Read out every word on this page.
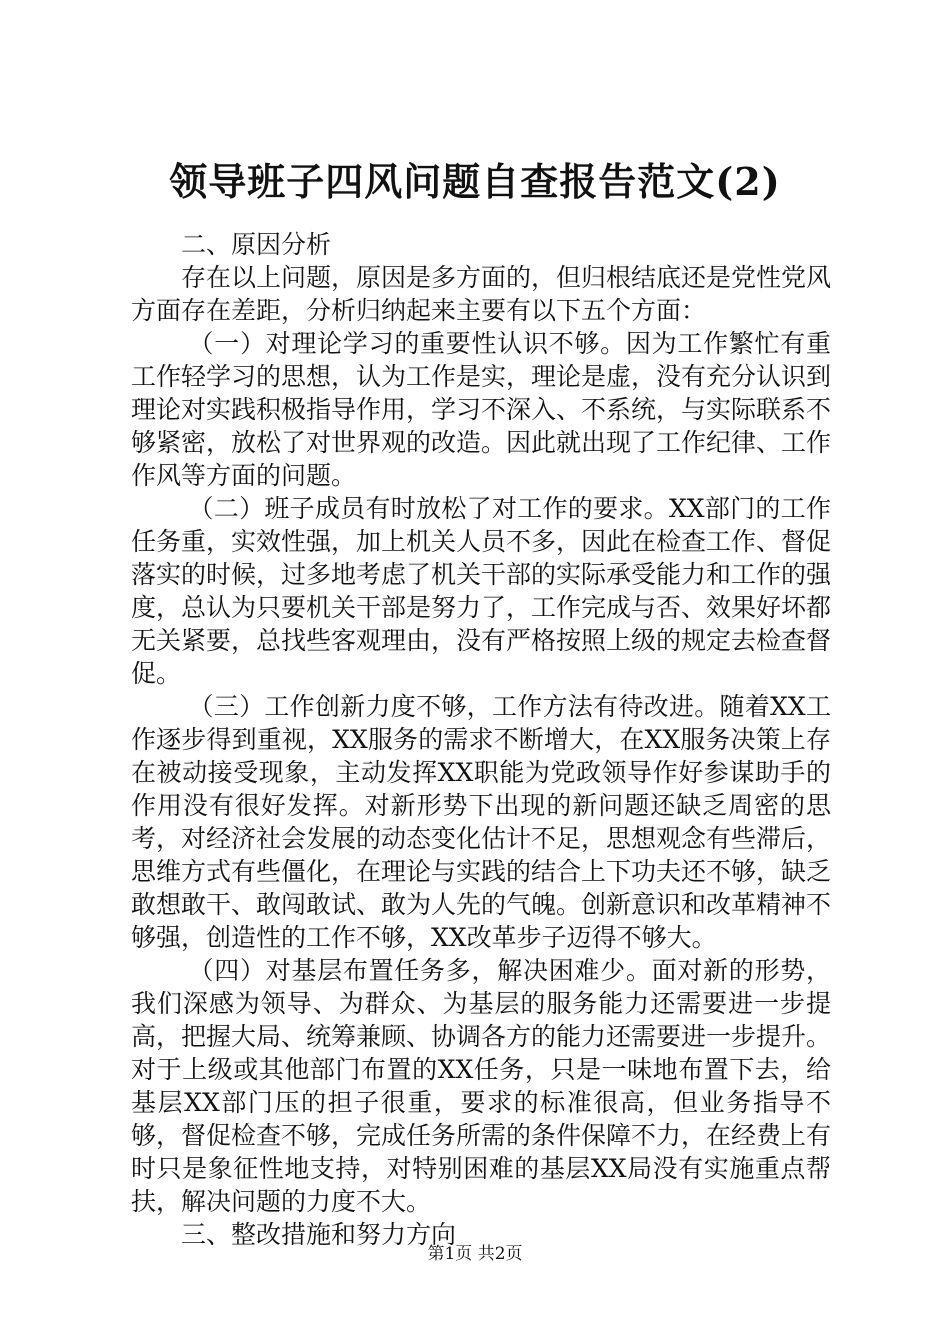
领导班子四风问题自查报告范文(2)

二、原因分析

存在以上问题，原因是多方面的，但归根结底还是党性党风方面存在差距，分析归纳起来主要有以下五个方面：

（一）对理论学习的重要性认识不够。因为工作繁忙有重工作轻学习的思想，认为工作是实，理论是虚，没有充分认识到理论对实践积极指导作用，学习不深入、不系统，与实际联系不够紧密，放松了对世界观的改造。因此就出现了工作纪律、工作作风等方面的问题。

（二）班子成员有时放松了对工作的要求。XX部门的工作任务重，实效性强，加上机关人员不多，因此在检查工作、督促落实的时候，过多地考虑了机关干部的实际承受能力和工作的强度，总认为只要机关干部是努力了，工作完成与否、效果好坏都无关紧要，总找些客观理由，没有严格按照上级的规定去检查督促。

（三）工作创新力度不够，工作方法有待改进。随着XX工作逐步得到重视，XX服务的需求不断增大，在XX服务决策上存在被动接受现象，主动发挥XX职能为党政领导作好参谋助手的作用没有很好发挥。对新形势下出现的新问题还缺乏周密的思考，对经济社会发展的动态变化估计不足，思想观念有些滞后，思维方式有些僵化，在理论与实践的结合上下功夫还不够，缺乏敢想敢干、敢闯敢试、敢为人先的气魄。创新意识和改革精神不够强，创造性的工作不够，XX改革步子迈得不够大。

（四）对基层布置任务多，解决困难少。面对新的形势，我们深感为领导、为群众、为基层的服务能力还需要进一步提高，把握大局、统筹兼顾、协调各方的能力还需要进一步提升。对于上级或其他部门布置的XX任务，只是一味地布置下去，给基层XX部门压的担子很重，要求的标准很高，但业务指导不够，督促检查不够，完成任务所需的条件保障不力，在经费上有时只是象征性地支持，对特别困难的基层XX局没有实施重点帮扶，解决问题的力度不大。

三、整改措施和努力方向

第1页 共2页
